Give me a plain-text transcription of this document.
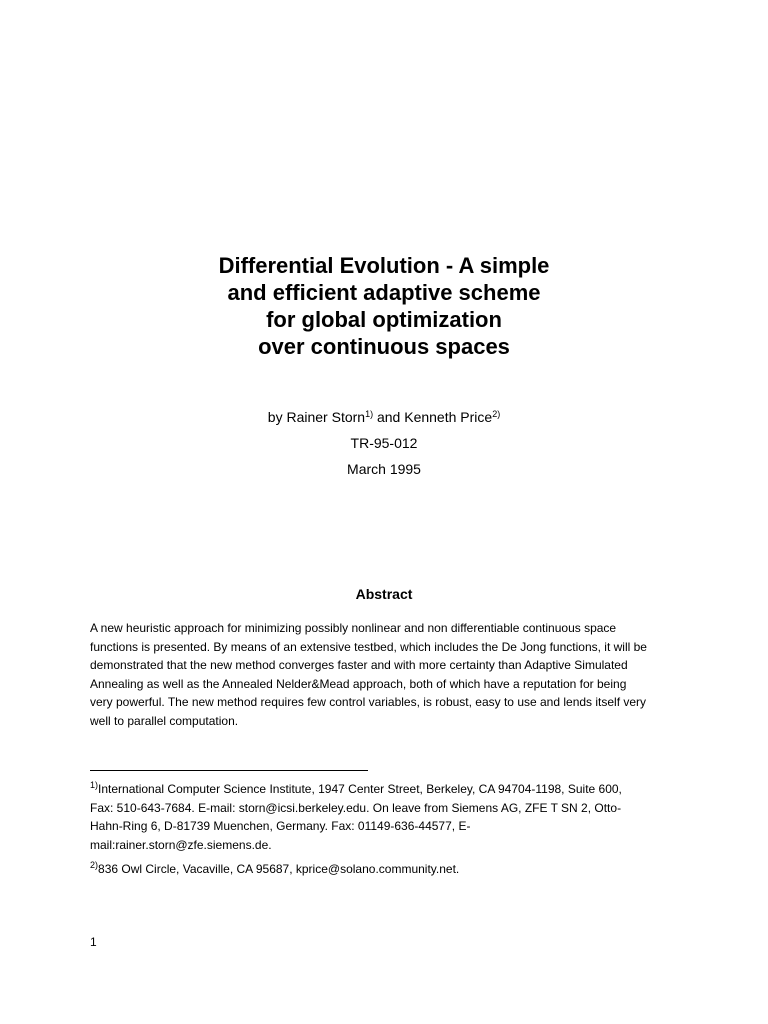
Differential Evolution - A simple
and efficient adaptive scheme
for global optimization
over continuous spaces
by Rainer Storn$^{1)}$ and Kenneth Price$^{2)}$
TR-95-012
March 1995
Abstract
A new heuristic approach for minimizing possibly nonlinear and non differentiable continuous space
functions is presented. By means of an extensive testbed, which includes the De Jong functions, it will be
demonstrated that the new method converges faster and with more certainty than Adaptive Simulated
Annealing as well as the Annealed Nelder&Mead approach, both of which have a reputation for being
very powerful. The new method requires few control variables, is robust, easy to use and lends itself very
well to parallel computation.
$^{1)}$International Computer Science Institute, 1947 Center Street, Berkeley, CA 94704-1198, Suite 600,
Fax: 510-643-7684. E-mail: storn@icsi.berkeley.edu. On leave from Siemens AG, ZFE T SN 2, Otto-
Hahn-Ring 6, D-81739 Muenchen, Germany. Fax: 01149-636-44577, E-
mail:rainer.storn@zfe.siemens.de.
$^{2)}$836 Owl Circle, Vacaville, CA 95687, kprice@solano.community.net.
1
